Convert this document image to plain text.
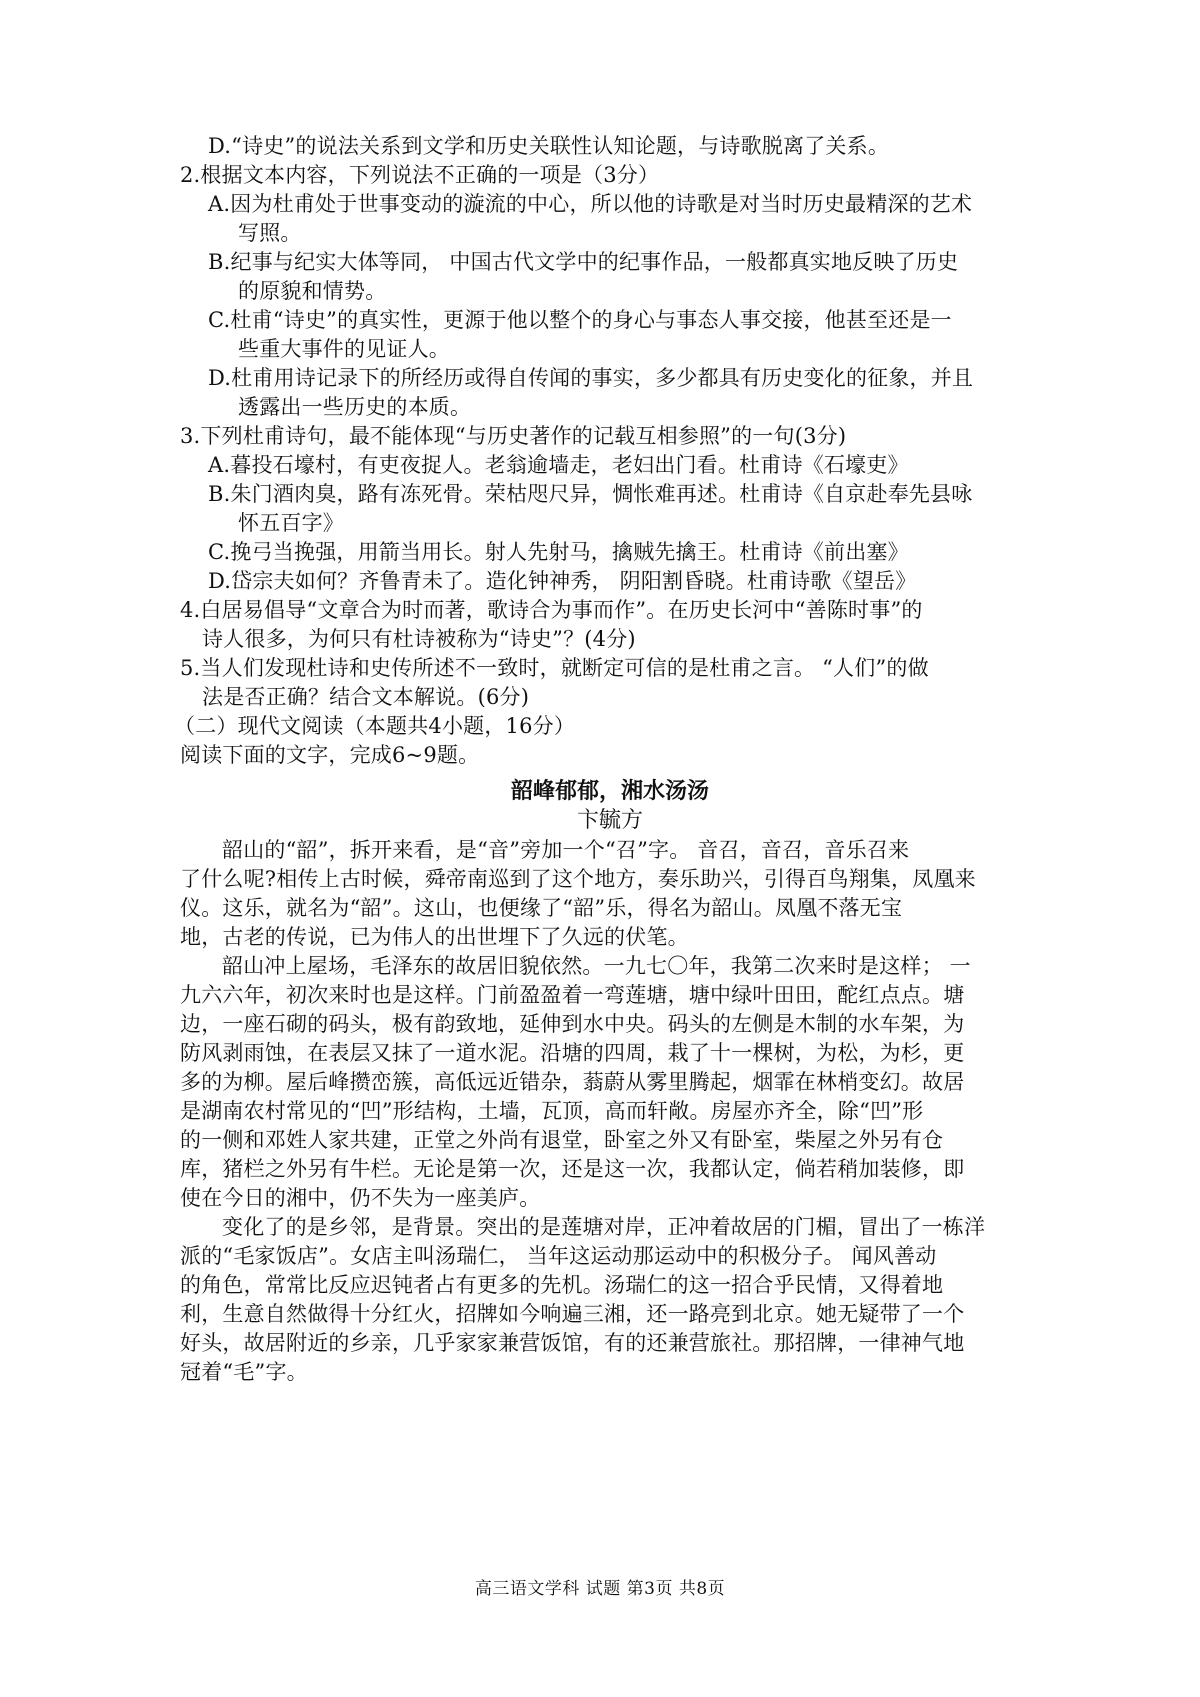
D.“诗史”的说法关系到文学和历史关联性认知论题，与诗歌脱离了关系。
2.根据文本内容，下列说法不正确的一项是（3分）
A.因为杜甫处于世事变动的漩流的中心，所以他的诗歌是对当时历史最精深的艺术
写照。
B.纪事与纪实大体等同， 中国古代文学中的纪事作品，一般都真实地反映了历史
的原貌和情势。
C.杜甫“诗史”的真实性，更源于他以整个的身心与事态人事交接，他甚至还是一
些重大事件的见证人。
D.杜甫用诗记录下的所经历或得自传闻的事实，多少都具有历史变化的征象，并且
透露出一些历史的本质。
3.下列杜甫诗句，最不能体现“与历史著作的记载互相参照”的一句(3分)
A.暮投石壕村，有吏夜捉人。老翁逾墙走，老妇出门看。杜甫诗《石壕吏》
B.朱门酒肉臭，路有冻死骨。荣枯咫尺异，惆怅难再述。杜甫诗《自京赴奉先县咏
怀五百字》
C.挽弓当挽强，用箭当用长。射人先射马，擒贼先擒王。杜甫诗《前出塞》
D.岱宗夫如何？齐鲁青未了。造化钟神秀， 阴阳割昏晓。杜甫诗歌《望岳》
4.白居易倡导“文章合为时而著，歌诗合为事而作”。在历史长河中“善陈时事”的
诗人很多，为何只有杜诗被称为“诗史”？(4分)
5.当人们发现杜诗和史传所述不一致时，就断定可信的是杜甫之言。 “人们”的做
法是否正确？结合文本解说。(6分)
（二）现代文阅读（本题共4小题，16分）
阅读下面的文字，完成6~9题。
韶峰郁郁，湘水汤汤
卞毓方
韶山的“韶”，拆开来看，是“音”旁加一个“召”字。 音召，音召，音乐召来
了什么呢?相传上古时候，舜帝南巡到了这个地方，奏乐助兴，引得百鸟翔集，凤凰来
仪。这乐，就名为“韶”。这山，也便缘了“韶”乐，得名为韶山。凤凰不落无宝
地，古老的传说，已为伟人的出世埋下了久远的伏笔。
韶山冲上屋场，毛泽东的故居旧貌依然。一九七〇年，我第二次来时是这样； 一
九六六年，初次来时也是这样。门前盈盈着一弯莲塘，塘中绿叶田田，酡红点点。塘
边，一座石砌的码头，极有韵致地，延伸到水中央。码头的左侧是木制的水车架，为
防风剥雨蚀，在表层又抹了一道水泥。沿塘的四周，栽了十一棵树，为松，为杉，更
多的为柳。屋后峰攒峦簇，高低远近错杂，蓊蔚从雾里腾起，烟霏在林梢变幻。故居
是湖南农村常见的“凹”形结构，土墙，瓦顶，高而轩敞。房屋亦齐全，除“凹”形
的一侧和邓姓人家共建，正堂之外尚有退堂，卧室之外又有卧室，柴屋之外另有仓
库，猪栏之外另有牛栏。无论是第一次，还是这一次，我都认定，倘若稍加装修，即
使在今日的湘中，仍不失为一座美庐。
变化了的是乡邻，是背景。突出的是莲塘对岸，正冲着故居的门楣，冒出了一栋洋
派的“毛家饭店”。女店主叫汤瑞仁， 当年这运动那运动中的积极分子。 闻风善动
的角色，常常比反应迟钝者占有更多的先机。汤瑞仁的这一招合乎民情，又得着地
利，生意自然做得十分红火，招牌如今响遍三湘，还一路亮到北京。她无疑带了一个
好头，故居附近的乡亲，几乎家家兼营饭馆，有的还兼营旅社。那招牌，一律神气地
冠着“毛”字。
高三语文学科 试题 第3页 共8页
